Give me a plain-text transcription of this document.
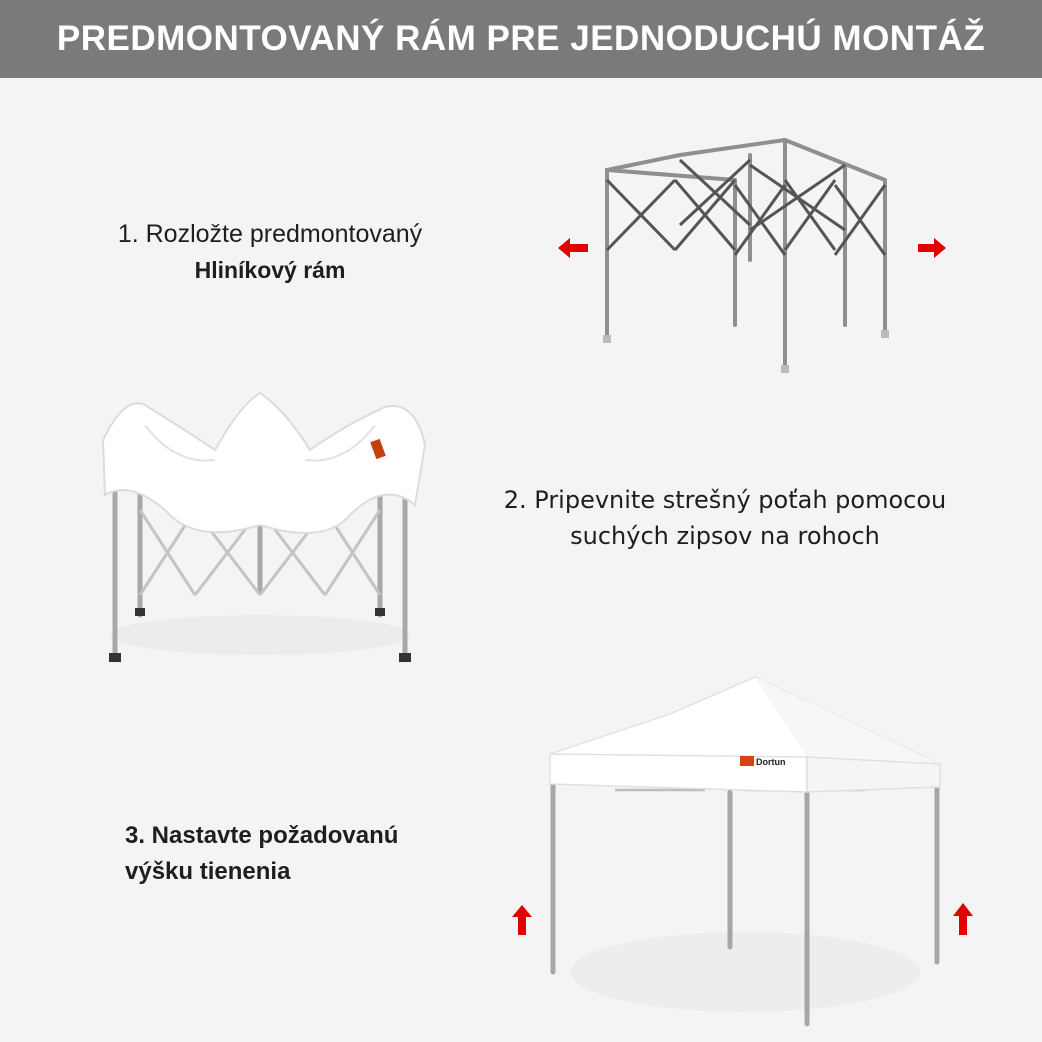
PREDMONTOVANÝ RÁM PRE JEDNODUCHÚ MONTÁŽ
1. Rozložte predmontovaný
Hliníkový rám
2. Pripevnite strešný poťah pomocou
suchých zipsov na rohoch
3. Nastavte požadovanú
výšku tienenia
Dortun
